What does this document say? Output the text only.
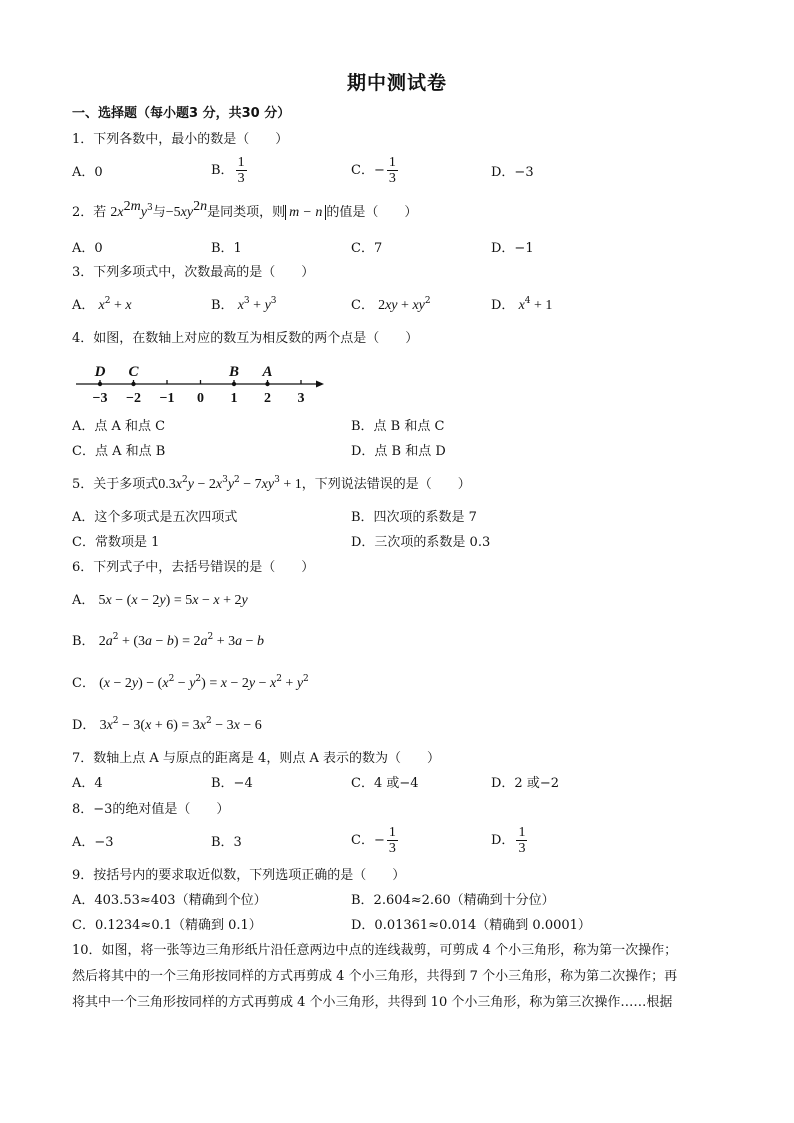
期中测试卷
一、选择题（每小题3 分，共30 分）
1．下列各数中，最小的数是（　　）
A．0	B． $\frac{1}{3}$	C．− $\frac{1}{3}$	D．−3
2．若 $2x^{2m}y^3$与$-5xy^{2n}$是同类项，则 m − n 的值是（　　）
A．0	B．1	C．7	D．−1
3．下列多项式中，次数最高的是（　　）
A． $x^2 + x$	B． $x^3 + y^3$	C． $2xy + xy^2$	D． $x^4 + 1$
4．如图，在数轴上对应的数互为相反数的两个点是（　　）
−3 −2 −1 0 1 2 3
D C	B A
A．点 A 和点 C	B．点 B 和点 C
C．点 A 和点 B	D．点 B 和点 D
5．关于多项式$0.3x^2y - 2x^3y^2 - 7xy^3 + 1$，下列说法错误的是（　　）
A．这个多项式是五次四项式	B．四次项的系数是 7
C．常数项是 1	D．三次项的系数是 0.3
6．下列式子中，去括号错误的是（　　）
A． 5x − (x − 2y) = 5x − x + 2y
B． $2a^2 + (3a - b) = 2a^2 + 3a - b$
C． $(x - 2y) - (x^2 - y^2) = x - 2y - x^2 + y^2$
D． $3x^2 - 3(x + 6) = 3x^2 - 3x - 6$
7．数轴上点 A 与原点的距离是 4，则点 A 表示的数为（　　）
A．4	B．−4	C．4 或−4	D．2 或−2
8．−3的绝对值是（　　）
A．−3	B．3	C．− $\frac{1}{3}$	D． $\frac{1}{3}$
9．按括号内的要求取近似数，下列选项正确的是（　　）
A．403.53≈403（精确到个位）	B．2.604≈2.60（精确到十分位）
C．0.1234≈0.1（精确到 0.1）	D．0.01361≈0.014（精确到 0.0001）
10．如图，将一张等边三角形纸片沿任意两边中点的连线裁剪，可剪成 4 个小三角形，称为第一次操作；
然后将其中的一个三角形按同样的方式再剪成 4 个小三角形，共得到 7 个小三角形，称为第二次操作；再
将其中一个三角形按同样的方式再剪成 4 个小三角形，共得到 10 个小三角形，称为第三次操作……根据
